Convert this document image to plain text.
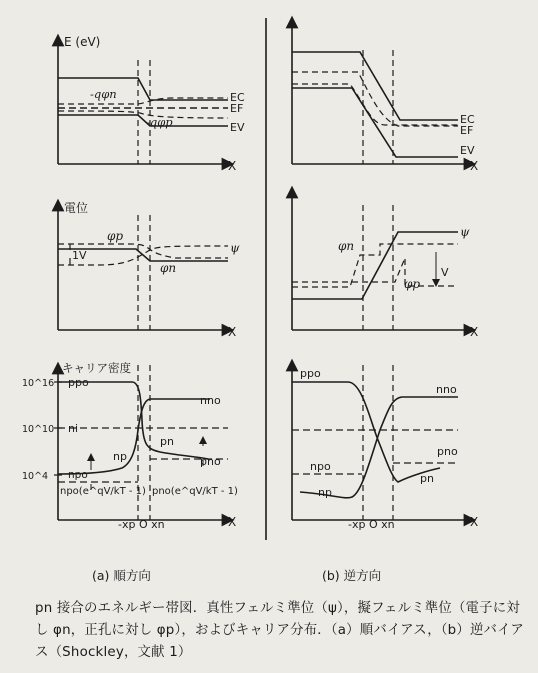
E (eV)
-qφn
-qφp
EC
EF
EV
X
電位
φp
φn
1V
ψ
X
キャリア密度
10^16
10^10
10^4
ppo
nno
ni
np
pn
pno
npo
npo(e^qV/kT - 1) pno(e^qV/kT - 1)
-xp O xn	X
EC
EF
EV
X
φn
φp
V
ψ
X
ppo
nno
pno
npo
np
pn
-xp O xn	X
(a) 順方向	(b) 逆方向
pn 接合のエネルギー帯図．真性フェルミ準位（ψ），擬フェルミ準位（電子に対し φn，正孔に対し φp），およびキャリア分布．（a）順バイアス，（b）逆バイアス（Shockley，文献 1）
